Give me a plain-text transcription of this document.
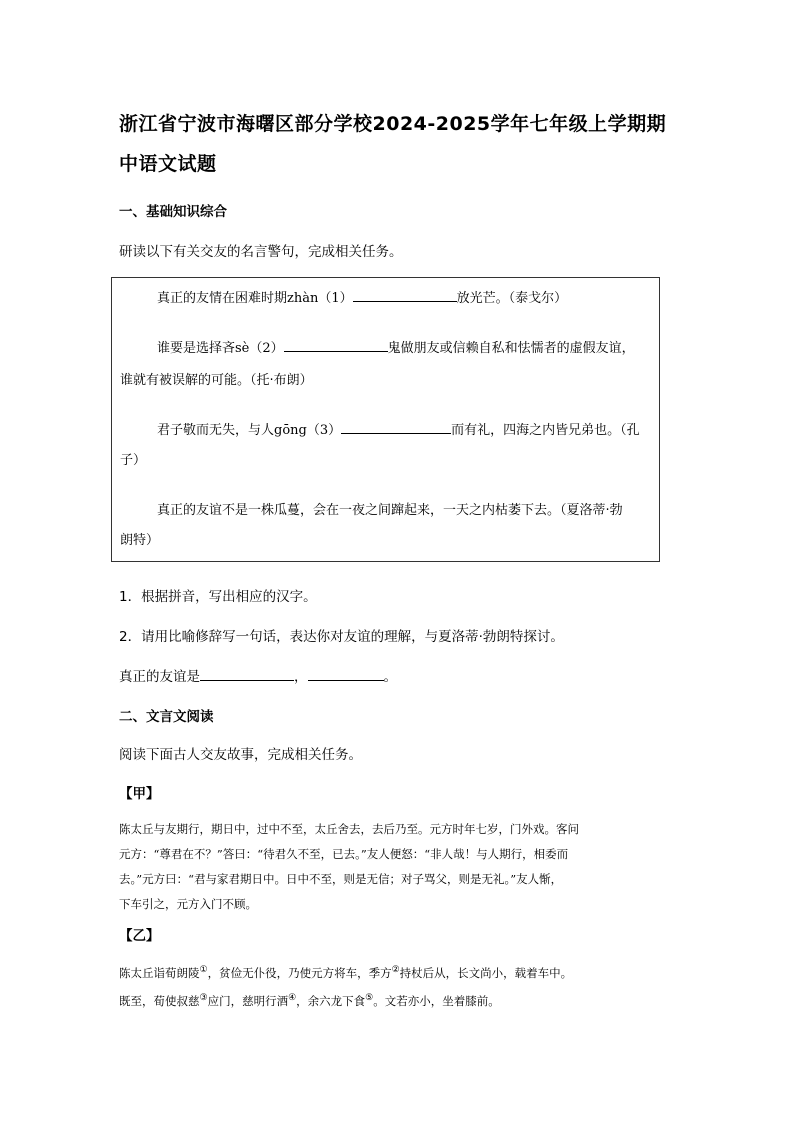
浙江省宁波市海曙区部分学校2024-2025学年七年级上学期期
中语文试题
一、基础知识综合
研读以下有关交友的名言警句，完成相关任务。
真正的友情在困难时期zhàn（1）	放光芒。（泰戈尔）
谁要是选择吝sè（2）	鬼做朋友或信赖自私和怯懦者的虚假友谊，
谁就有被误解的可能。（托·布朗）
君子敬而无失，与人gōng（3）	而有礼，四海之内皆兄弟也。（孔
子）
真正的友谊不是一株瓜蔓，会在一夜之间蹿起来，一天之内枯萎下去。（夏洛蒂·勃
朗特）
1．根据拼音，写出相应的汉字。
2．请用比喻修辞写一句话，表达你对友谊的理解，与夏洛蒂·勃朗特探讨。
真正的友谊是	，	。
二、文言文阅读
阅读下面古人交友故事，完成相关任务。
【甲】
陈太丘与友期行，期日中，过中不至，太丘舍去，去后乃至。元方时年七岁，门外戏。客问
元方：“尊君在不？”答曰：“待君久不至，已去。”友人便怒：“非人哉！与人期行，相委而
去。”元方曰：“君与家君期日中。日中不至，则是无信；对子骂父，则是无礼。”友人惭，
下车引之，元方入门不顾。
【乙】
陈太丘诣荀朗陵①，贫俭无仆役，乃使元方将车，季方②持杖后从，长文尚小，载着车中。
既至，荀使叔慈③应门，慈明行酒④，余六龙下食⑤。文若亦小，坐着膝前。
